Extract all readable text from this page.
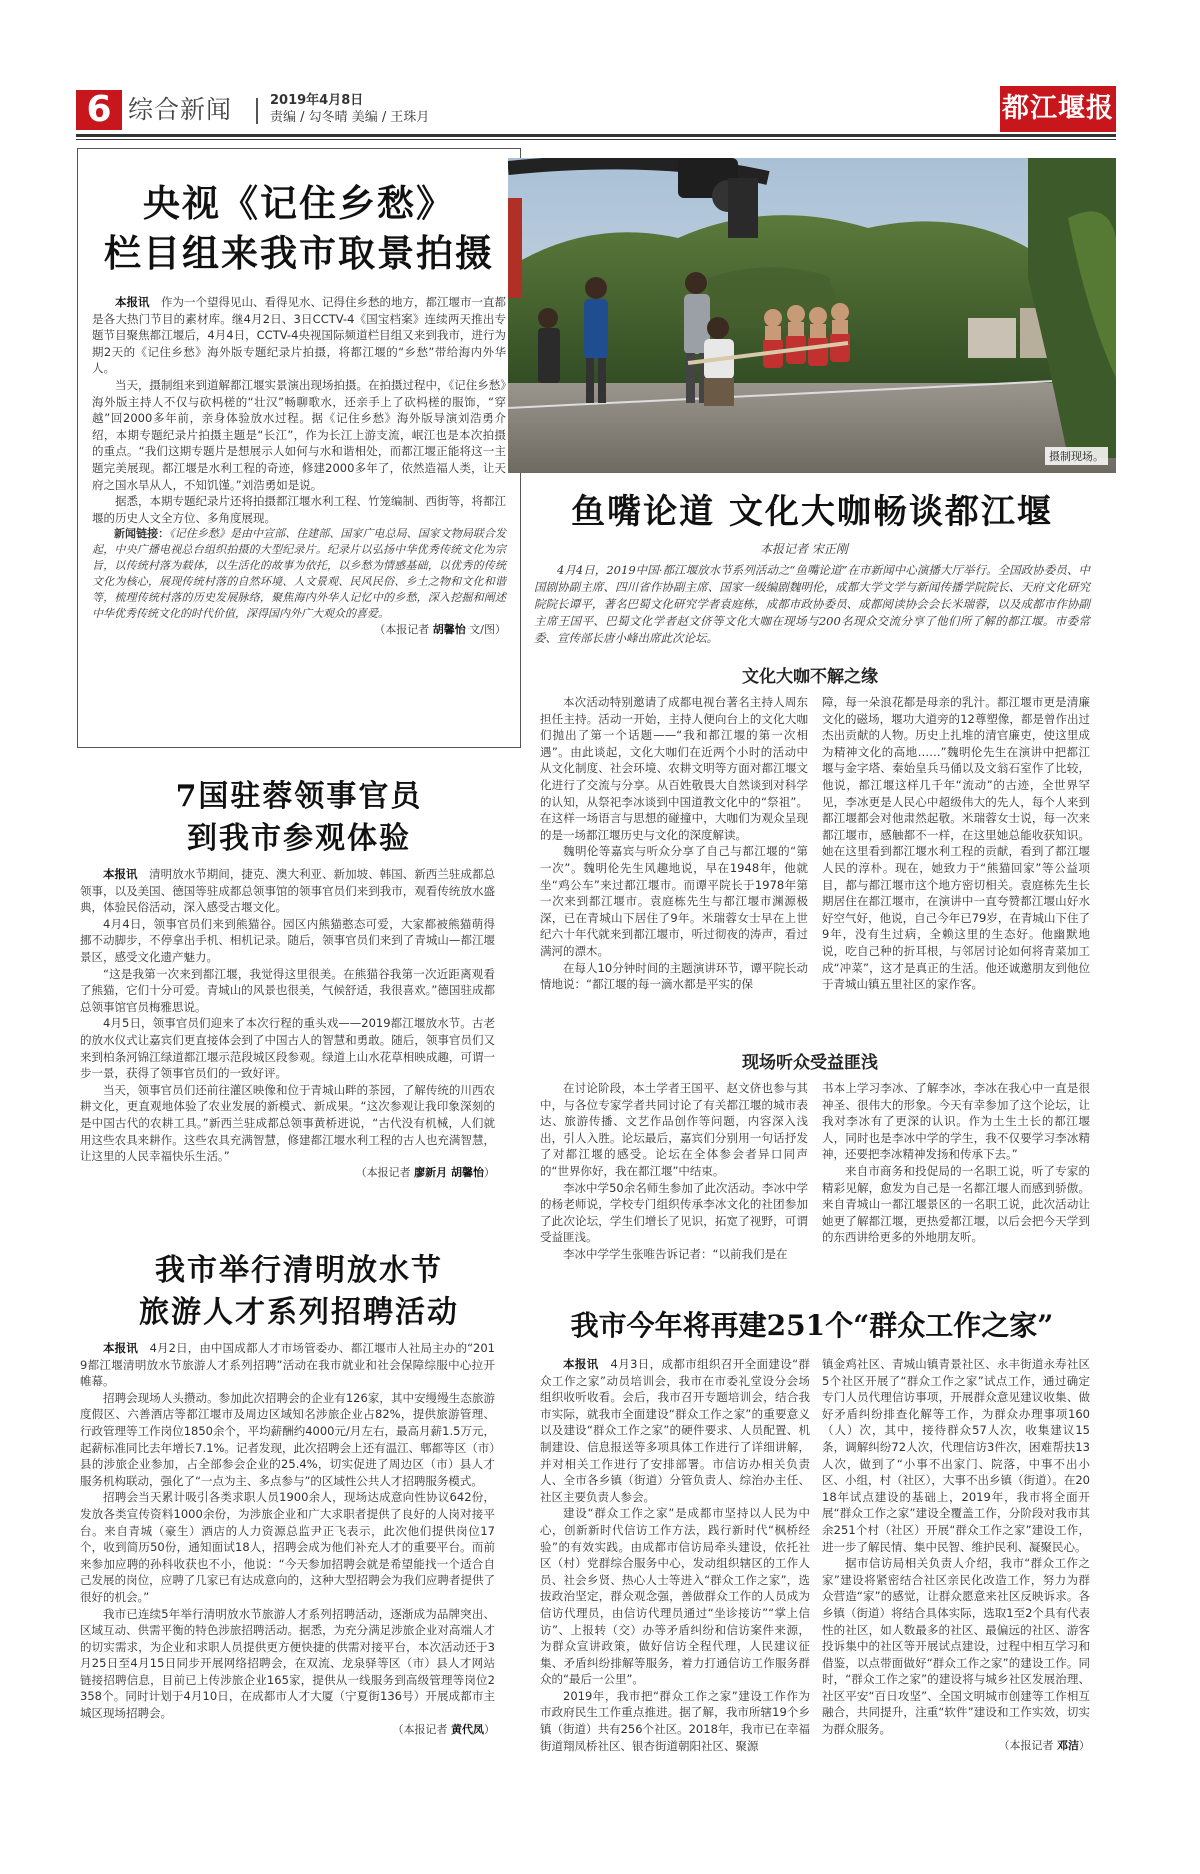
6 综合新闻	2019年4月8日
责编 / 勾冬晴 美编 / 王珠月	都江堰报
央视《记住乡愁》
栏目组来我市取景拍摄

本报讯　 作为一个望得见山、看得见水、记得住乡愁的地方，都江堰市一直都是各大热门节目的素材库。继4月2日、3日CCTV-4《国宝档案》连续两天推出专题节目聚焦都江堰后，4月4日，CCTV-4央视国际频道栏目组又来到我市，进行为期2天的《记住乡愁》海外版专题纪录片拍摄，将都江堰的“乡愁”带给海内外华人。

当天，摄制组来到道解都江堰实景演出现场拍摄。在拍摄过程中，《记住乡愁》海外版主持人不仅与砍杩槎的“壮汉”畅聊歌水，还亲手上了砍杩槎的服饰，“穿越”回2000多年前，亲身体验放水过程。据《记住乡愁》海外版导演刘浩勇介绍，本期专题纪录片拍摄主题是“长江”，作为长江上游支流，岷江也是本次拍摄的重点。“我们这期专题片是想展示人如何与水和谐相处，而都江堰正能将这一主题完美展现。都江堰是水利工程的奇迹，修建2000多年了，依然造福人类，让天府之国水旱从人，不知饥馑。”刘浩勇如是说。

据悉，本期专题纪录片还将拍摄都江堰水利工程、竹笼编制、西街等，将都江堰的历史人文全方位、多角度展现。

新闻链接：《记住乡愁》是由中宣部、住建部、国家广电总局、国家文物局联合发起，中央广播电视总台组织拍摄的大型纪录片。纪录片以弘扬中华优秀传统文化为宗旨，以传统村落为载体，以生活化的故事为依托，以乡愁为情感基础，以优秀的传统文化为核心，展现传统村落的自然环境、人文景观、民风民俗、乡土之物和文化和谐等，梳理传统村落的历史发展脉络，聚焦海内外华人记忆中的乡愁，深入挖掘和阐述中华优秀传统文化的时代价值，深得国内外广大观众的喜爱。

（本报记者 胡馨怡 文/图）
摄制现场。
鱼嘴论道 文化大咖畅谈都江堰
本报记者 宋正刚
4月4日，2019中国·都江堰放水节系列活动之“鱼嘴论道”在市新闻中心演播大厅举行。全国政协委员、中国剧协副主席、四川省作协副主席、国家一级编剧魏明伦，成都大学文学与新闻传播学院院长、天府文化研究院院长谭平，著名巴蜀文化研究学者袁庭栋，成都市政协委员、成都阅读协会会长米瑞蓉，以及成都市作协副主席王国平、巴蜀文化学者赵文侪等文化大咖在现场与200名现众交流分享了他们所了解的都江堰。市委常委、宣传部长唐小峰出席此次论坛。
文化大咖不解之缘

本次活动特别邀请了成都电视台著名主持人周东担任主持。活动一开始，主持人便向台上的文化大咖们抛出了第一个话题——“我和都江堰的第一次相遇”。由此谈起，文化大咖们在近两个小时的活动中从文化制度、社会环境、农耕文明等方面对都江堰文化进行了交流与分享。从百姓敬畏大自然谈到对科学的认知，从祭祀李冰谈到中国道教文化中的“祭祖”。在这样一场语言与思想的碰撞中，大咖们为观众呈现的是一场都江堰历史与文化的深度解读。

魏明伦等嘉宾与听众分享了自己与都江堰的“第一次”。魏明伦先生风趣地说，早在1948年，他就坐“鸡公车”来过都江堰市。而谭平院长于1978年第一次来到都江堰市。袁庭栋先生与都江堰市渊源极深，已在青城山下居住了9年。米瑞蓉女士早在上世纪六十年代就来到都江堰市，听过彻夜的涛声，看过满河的漂木。

在每人10分钟时间的主题演讲环节，谭平院长动情地说：“都江堰的每一滴水都是平实的保

障，每一朵浪花都是母亲的乳汁。都江堰市更是清廉文化的磁场，堰功大道旁的12尊塑像，都是曾作出过杰出贡献的人物。历史上扎堆的清官廉吏，使这里成为精神文化的高地……”魏明伦先生在演讲中把都江堰与金字塔、秦始皇兵马俑以及文翁石室作了比较，他说，都江堰这样几千年“流动”的古迹，全世界罕见，李冰更是人民心中超级伟大的先人，每个人来到都江堰都会对他肃然起敬。米瑞蓉女士说，每一次来都江堰市，感触都不一样，在这里她总能收获知识。她在这里看到都江堰水利工程的贡献，看到了都江堰人民的淳朴。现在，她致力于“熊猫回家”等公益项目，都与都江堰市这个地方密切相关。袁庭栋先生长期居住在都江堰市，在演讲中一直夸赞都江堰山好水好空气好，他说，自己今年已79岁，在青城山下住了9年，没有生过病，全赖这里的生态好。他幽默地说，吃自己种的折耳根，与邻居讨论如何将青菜加工成“冲菜”，这才是真正的生活。他还诚邀朋友到他位于青城山镇五里社区的家作客。

现场听众受益匪浅

在讨论阶段，本土学者王国平、赵文侪也参与其中，与各位专家学者共同讨论了有关都江堰的城市表达、旅游传播、文艺作品创作等问题，内容深入浅出，引人入胜。论坛最后，嘉宾们分别用一句话抒发了对都江堰的感受。论坛在全体参会者异口同声的“世界你好，我在都江堰”中结束。

李冰中学50余名师生参加了此次活动。李冰中学的杨老师说，学校专门组织传承李冰文化的社团参加了此次论坛，学生们增长了见识，拓宽了视野，可谓受益匪浅。

李冰中学学生张唯告诉记者：“以前我们是在

书本上学习李冰、了解李冰，李冰在我心中一直是很神圣、很伟大的形象。今天有幸参加了这个论坛，让我对李冰有了更深的认识。作为土生土长的都江堰人，同时也是李冰中学的学生，我不仅要学习李冰精神，还要把李冰精神发扬和传承下去。”

来自市商务和投促局的一名职工说，听了专家的精彩见解，愈发为自己是一名都江堰人而感到骄傲。来自青城山一都江堰景区的一名职工说，此次活动让她更了解都江堰，更热爱都江堰，以后会把今天学到的东西讲给更多的外地朋友听。

7国驻蓉领事官员
到我市参观体验

本报讯　 清明放水节期间，捷克、澳大利亚、新加坡、韩国、新西兰驻成都总领事，以及美国、德国等驻成都总领事馆的领事官员们来到我市，观看传统放水盛典，体验民俗活动，深入感受古堰文化。

4月4日，领事官员们来到熊猫谷。园区内熊猫憨态可爱，大家都被熊猫萌得挪不动脚步，不停拿出手机、相机记录。随后，领事官员们来到了青城山—都江堰景区，感受文化遗产魅力。

“这是我第一次来到都江堰，我觉得这里很美。在熊猫谷我第一次近距离观看了熊猫，它们十分可爱。青城山的风景也很美，气候舒适，我很喜欢。”德国驻成都总领事馆官员梅雅思说。

4月5日，领事官员们迎来了本次行程的重头戏——2019都江堰放水节。古老的放水仪式让嘉宾们更直接体会到了中国古人的智慧和勇敢。随后，领事官员们又来到柏条河锦江绿道都江堰示范段城区段参观。绿道上山水花草相映成趣，可谓一步一景，获得了领事官员们的一致好评。

当天，领事官员们还前往灌区映像和位于青城山畔的茶园，了解传统的川西农耕文化，更直观地体验了农业发展的新模式、新成果。“这次参观让我印象深刻的是中国古代的农耕工具。”新西兰驻成都总领事黄桥进说，“古代没有机械，人们就用这些农具来耕作。这些农具充满智慧，修建都江堰水利工程的古人也充满智慧，让这里的人民幸福快乐生活。”

（本报记者 廖新月 胡馨怡）
我市举行清明放水节
旅游人才系列招聘活动

本报讯　 4月2日，由中国成都人才市场管委办、都江堰市人社局主办的“2019都江堰清明放水节旅游人才系列招聘”活动在我市就业和社会保障综服中心拉开帷幕。

招聘会现场人头攒动。参加此次招聘会的企业有126家，其中安缦缦生态旅游度假区、六善酒店等都江堰市及周边区域知名涉旅企业占82%，提供旅游管理、行政管理等工作岗位1850余个，平均薪酬约4000元/月左右，最高月薪1.5万元，起薪标准同比去年增长7.1%。记者发现，此次招聘会上还有温江、郫都等区（市）县的涉旅企业参加，占全部参会企业的25.4%，切实促进了周边区（市）县人才服务机构联动，强化了“一点为主、多点参与”的区域性公共人才招聘服务模式。

招聘会当天累计吸引各类求职人员1900余人，现场达成意向性协议642份，发放各类宣传资料1000余份，为涉旅企业和广大求职者提供了良好的人岗对接平台。来自青城（豪生）酒店的人力资源总监尹正飞表示，此次他们提供岗位17个，收到简历50份，通知面试18人，招聘会成为他们补充人才的重要平台。而前来参加应聘的孙科收获也不小，他说：“今天参加招聘会就是希望能找一个适合自己发展的岗位，应聘了几家已有达成意向的，这种大型招聘会为我们应聘者提供了很好的机会。”

我市已连续5年举行清明放水节旅游人才系列招聘活动，逐渐成为品牌突出、区域互动、供需平衡的特色涉旅招聘活动。据悉，为充分满足涉旅企业对高端人才的切实需求，为企业和求职人员提供更方便快捷的供需对接平台，本次活动还于3月25日至4月15日同步开展网络招聘会，在双流、龙泉驿等区（市）县人才网站链接招聘信息，目前已上传涉旅企业165家，提供从一线服务到高级管理等岗位2358个。同时计划于4月10日，在成都市人才大厦（宁夏街136号）开展成都市主城区现场招聘会。

（本报记者 黄代凤）
我市今年将再建251个“群众工作之家”

本报讯　 4月3日，成都市组织召开全面建设“群众工作之家”动员培训会，我市在市委礼堂设分会场组织收听收看。会后，我市召开专题培训会，结合我市实际，就我市全面建设“群众工作之家”的重要意义以及建设“群众工作之家”的硬件要求、人员配置、机制建设、信息报送等多项具体工作进行了详细讲解，并对相关工作进行了安排部署。市信访办相关负责人、全市各乡镇（街道）分管负责人、综治办主任、社区主要负责人参会。

建设“群众工作之家”是成都市坚持以人民为中心，创新新时代信访工作方法，践行新时代“枫桥经验”的有效实践。由成都市信访局牵头建设，依托社区（村）党群综合服务中心，发动组织辖区的工作人员、社会乡贤、热心人士等进入“群众工作之家”，选拔政治坚定，群众观念强，善做群众工作的人员成为信访代理员，由信访代理员通过“坐诊接访”“掌上信访”、上报转（交）办等矛盾纠纷和信访案件来源，为群众宣讲政策，做好信访全程代理，人民建议征集、矛盾纠纷排解等服务，着力打通信访工作服务群众的“最后一公里”。

2019年，我市把“群众工作之家”建设工作作为市政府民生工作重点推进。据了解，我市所辖19个乡镇（街道）共有256个社区。2018年，我市已在幸福街道翔凤桥社区、银杏街道朝阳社区、聚源

镇金鸡社区、青城山镇青景社区、永丰街道永寿社区5个社区开展了“群众工作之家”试点工作，通过确定专门人员代理信访事项，开展群众意见建议收集、做好矛盾纠纷排查化解等工作，为群众办理事项160（人）次，其中，接待群众57人次，收集建议15条，调解纠纷72人次，代理信访3件次，困难帮扶13人次，做到了“小事不出家门、院落，中事不出小区、小组，村（社区），大事不出乡镇（街道）。在2018年试点建设的基础上，2019年，我市将全面开展“群众工作之家”建设全覆盖工作，分阶段对我市其余251个村（社区）开展“群众工作之家”建设工作，进一步了解民情、集中民智、维护民利、凝聚民心。

据市信访局相关负责人介绍，我市“群众工作之家”建设将紧密结合社区亲民化改造工作，努力为群众营造“家”的感觉，让群众愿意来社区反映诉求。各乡镇（街道）将结合具体实际，选取1至2个具有代表性的社区，如人数最多的社区、最偏远的社区、游客投诉集中的社区等开展试点建设，过程中相互学习和借鉴，以点带面做好“群众工作之家”的建设工作。同时，“群众工作之家”的建设将与城乡社区发展治理、社区平安“百日攻坚”、全国文明城市创建等工作相互融合，共同提升，注重“软件”建设和工作实效，切实为群众服务。

（本报记者 邓洁）
